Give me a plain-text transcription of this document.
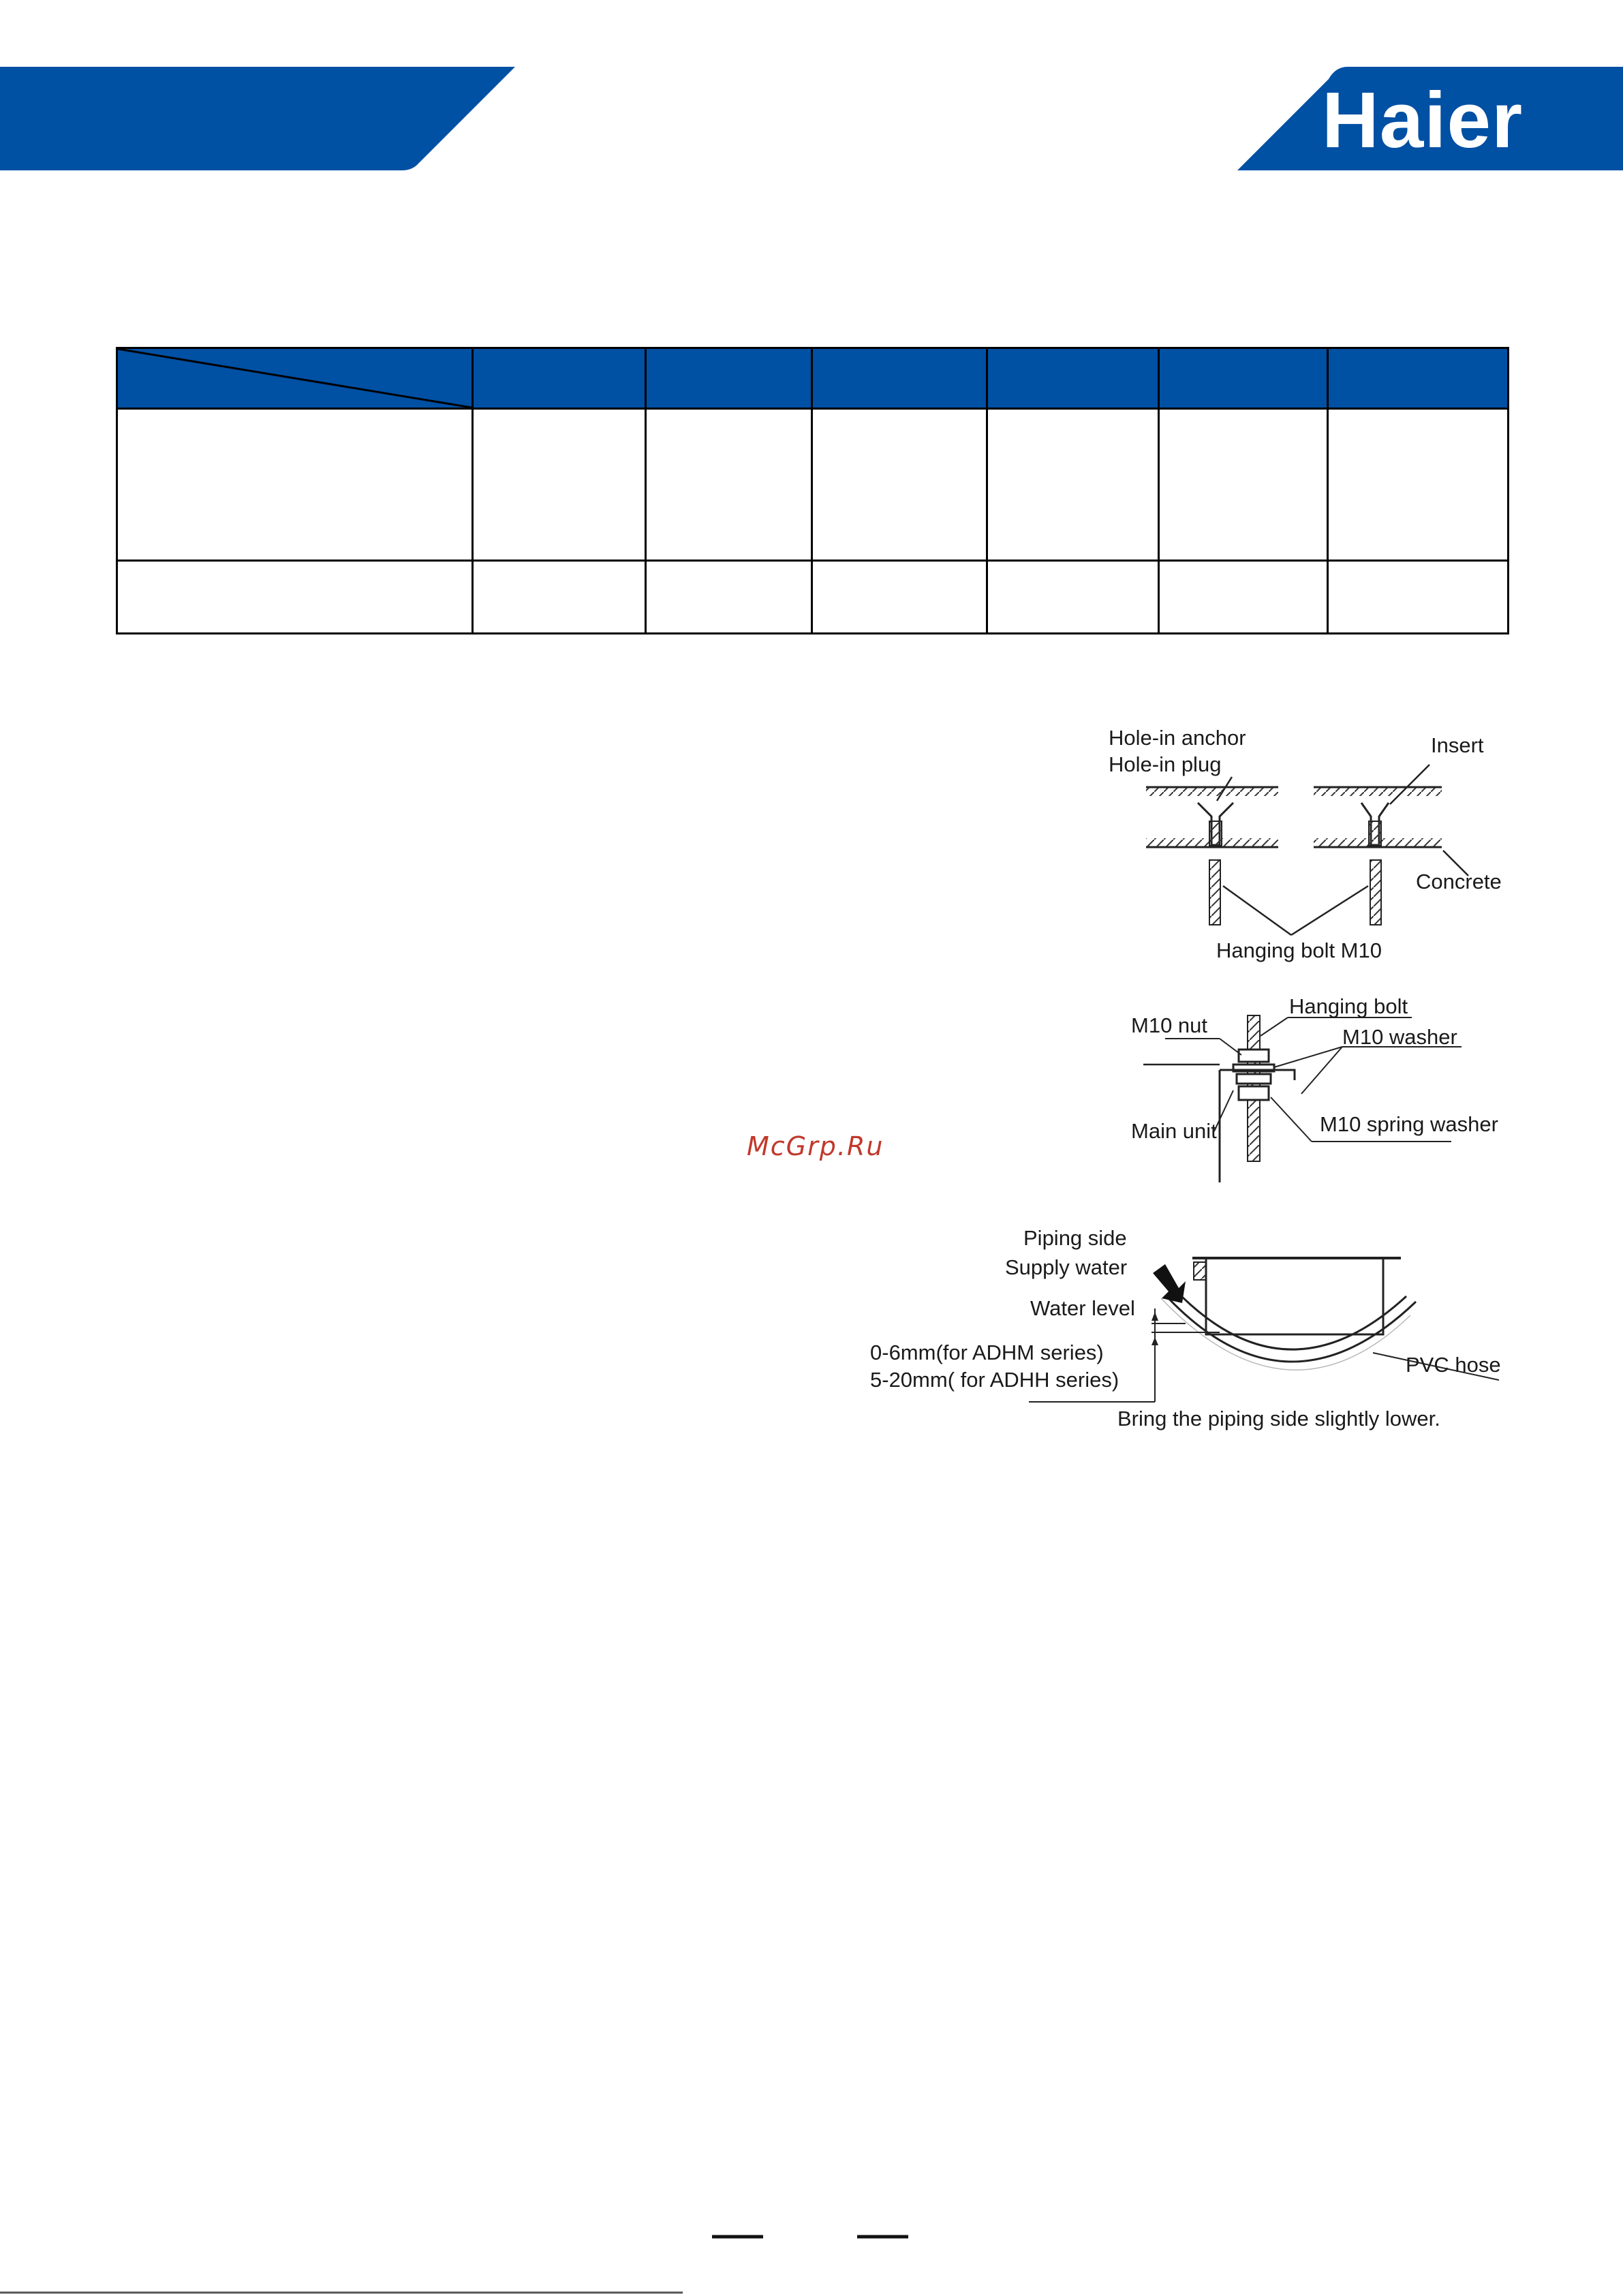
Haier

Hole-in anchor
Hole-in plug
Insert
Concrete
Hanging bolt M10
Hanging bolt
M10 nut	M10 washer
Main unit	M10 spring washer
Piping side
Supply water
Water level
0-6mm(for ADHM series)
5-20mm( for ADHH series)
PVC hose
Bring the piping side slightly lower.
McGrp.Ru
